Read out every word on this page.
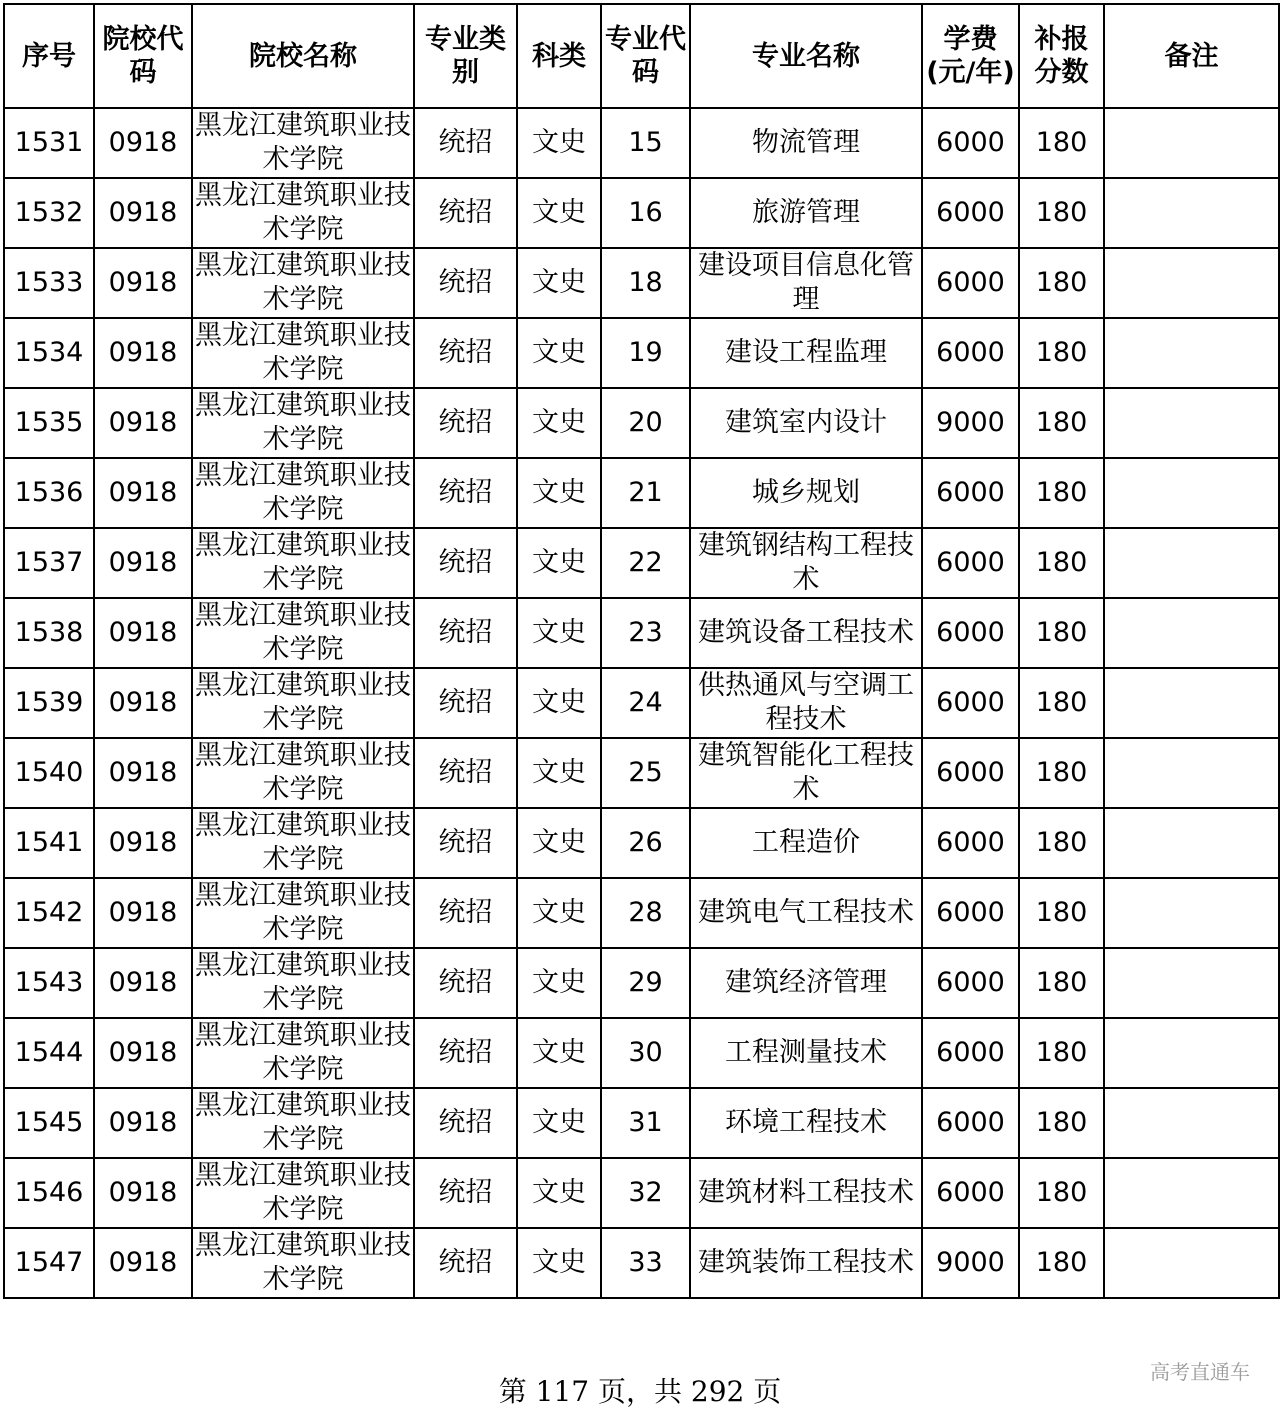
序号	院校代码	院校名称	专业类别	科类	专业代码	专业名称	学费(元/年)	补报分数	备注
1531	0918	黑龙江建筑职业技术学院	统招	文史	15	物流管理	6000	180	
1532	0918	黑龙江建筑职业技术学院	统招	文史	16	旅游管理	6000	180	
1533	0918	黑龙江建筑职业技术学院	统招	文史	18	建设项目信息化管理	6000	180	
1534	0918	黑龙江建筑职业技术学院	统招	文史	19	建设工程监理	6000	180	
1535	0918	黑龙江建筑职业技术学院	统招	文史	20	建筑室内设计	9000	180	
1536	0918	黑龙江建筑职业技术学院	统招	文史	21	城乡规划	6000	180	
1537	0918	黑龙江建筑职业技术学院	统招	文史	22	建筑钢结构工程技术	6000	180	
1538	0918	黑龙江建筑职业技术学院	统招	文史	23	建筑设备工程技术	6000	180	
1539	0918	黑龙江建筑职业技术学院	统招	文史	24	供热通风与空调工程技术	6000	180	
1540	0918	黑龙江建筑职业技术学院	统招	文史	25	建筑智能化工程技术	6000	180	
1541	0918	黑龙江建筑职业技术学院	统招	文史	26	工程造价	6000	180	
1542	0918	黑龙江建筑职业技术学院	统招	文史	28	建筑电气工程技术	6000	180	
1543	0918	黑龙江建筑职业技术学院	统招	文史	29	建筑经济管理	6000	180	
1544	0918	黑龙江建筑职业技术学院	统招	文史	30	工程测量技术	6000	180	
1545	0918	黑龙江建筑职业技术学院	统招	文史	31	环境工程技术	6000	180	
1546	0918	黑龙江建筑职业技术学院	统招	文史	32	建筑材料工程技术	6000	180	
1547	0918	黑龙江建筑职业技术学院	统招	文史	33	建筑装饰工程技术	9000	180	

第 117 页，共 292 页

高考直通车
